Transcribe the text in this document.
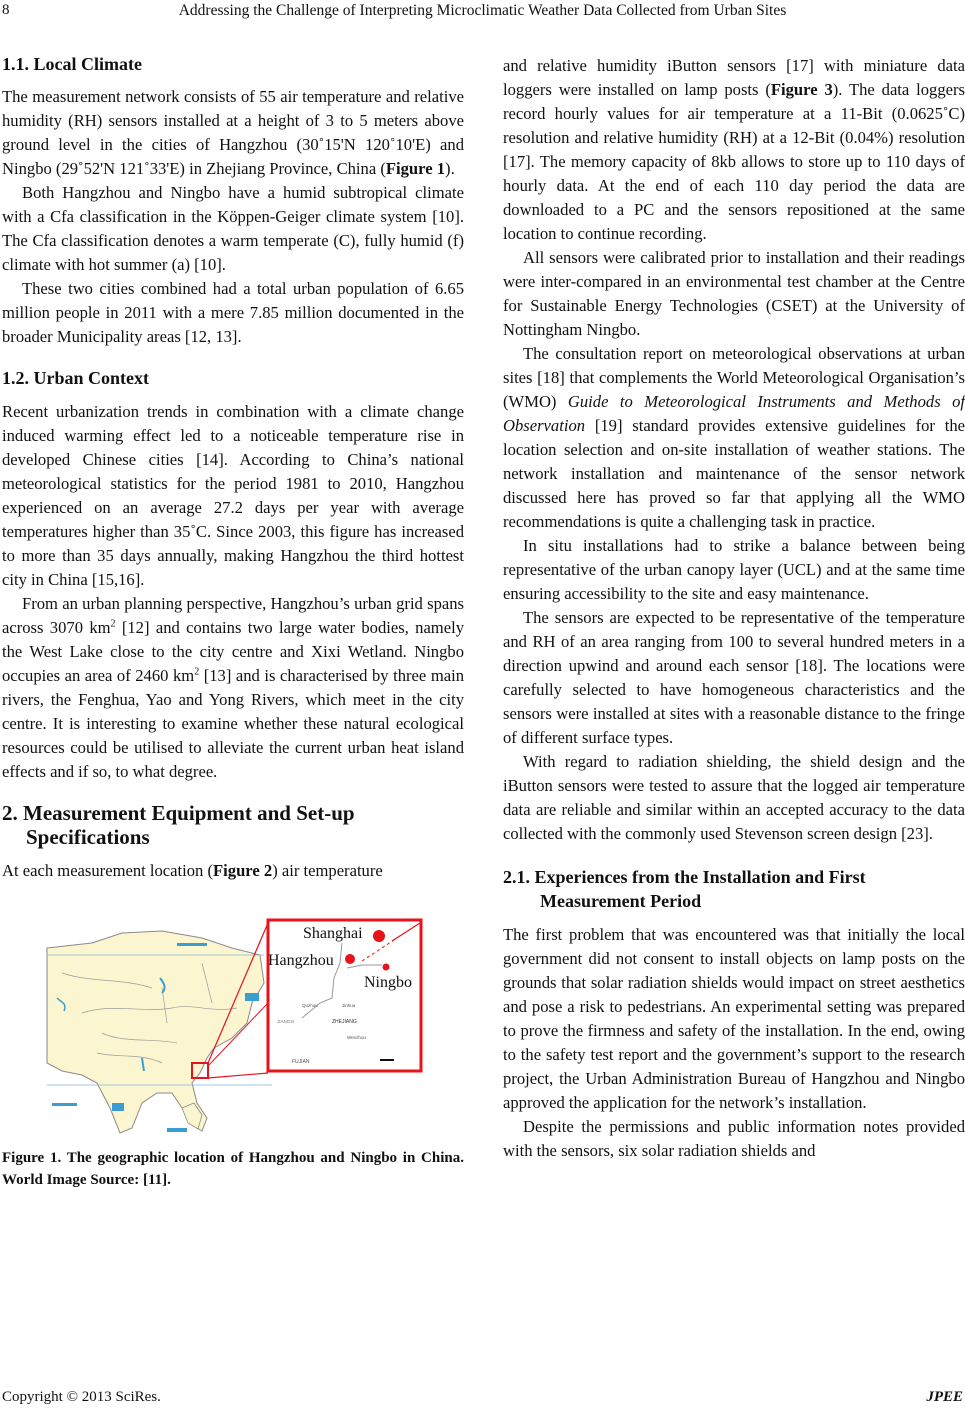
8	Addressing the Challenge of Interpreting Microclimatic Weather Data Collected from Urban Sites
1.1. Local Climate

The measurement network consists of 55 air temperature and relative humidity (RH) sensors installed at a height of 3 to 5 meters above ground level in the cities of Hangzhou (30˚15'N 120˚10'E) and Ningbo (29˚52'N 121˚33'E) in Zhejiang Province, China (Figure 1).

Both Hangzhou and Ningbo have a humid subtropical climate with a Cfa classification in the Köppen-Geiger climate system [10]. The Cfa classification denotes a warm temperate (C), fully humid (f) climate with hot summer (a) [10].

These two cities combined had a total urban population of 6.65 million people in 2011 with a mere 7.85 million documented in the broader Municipality areas [12, 13].

1.2. Urban Context

Recent urbanization trends in combination with a climate change induced warming effect led to a noticeable temperature rise in developed Chinese cities [14]. According to China’s national meteorological statistics for the period 1981 to 2010, Hangzhou experienced on an average 27.2 days per year with average temperatures higher than 35˚C. Since 2003, this figure has increased to more than 35 days annually, making Hangzhou the third hottest city in China [15,16].

From an urban planning perspective, Hangzhou’s urban grid spans across 3070 $km^2$ [12] and contains two large water bodies, namely the West Lake close to the city centre and Xixi Wetland. Ningbo occupies an area of 2460 $km^2$ [13] and is characterised by three main rivers, the Fenghua, Yao and Yong Rivers, which meet in the city centre. It is interesting to examine whether these natural ecological resources could be utilised to alleviate the current urban heat island effects and if so, to what degree.

2. Measurement Equipment and Set-up Specifications

At each measurement location (Figure 2) air temperature

Shanghai
Hangzhou
Ningbo
ZHEJIANG
FUJIAN
JIANGXI
Wenzhou
Quzhou	Jinhua
Figure 1. The geographic location of Hangzhou and Ningbo in China. World Image Source: [11].

and relative humidity iButton sensors [17] with miniature data loggers were installed on lamp posts (Figure 3). The data loggers record hourly values for air temperature at a 11-Bit (0.0625˚C) resolution and relative humidity (RH) at a 12-Bit (0.04%) resolution [17]. The memory capacity of 8kb allows to store up to 110 days of hourly data. At the end of each 110 day period the data are downloaded to a PC and the sensors repositioned at the same location to continue recording.

All sensors were calibrated prior to installation and their readings were inter-compared in an environmental test chamber at the Centre for Sustainable Energy Technologies (CSET) at the University of Nottingham Ningbo.

The consultation report on meteorological observations at urban sites [18] that complements the World Meteorological Organisation’s (WMO) Guide to Meteorological Instruments and Methods of Observation [19] standard provides extensive guidelines for the location selection and on-site installation of weather stations. The network installation and maintenance of the sensor network discussed here has proved so far that applying all the WMO recommendations is quite a challenging task in practice.

In situ installations had to strike a balance between being representative of the urban canopy layer (UCL) and at the same time ensuring accessibility to the site and easy maintenance.

The sensors are expected to be representative of the temperature and RH of an area ranging from 100 to several hundred meters in a direction upwind and around each sensor [18]. The locations were carefully selected to have homogeneous characteristics and the sensors were installed at sites with a reasonable distance to the fringe of different surface types.

With regard to radiation shielding, the shield design and the iButton sensors were tested to assure that the logged air temperature data are reliable and similar within an accepted accuracy to the data collected with the commonly used Stevenson screen design [23].

2.1. Experiences from the Installation and First Measurement Period

The first problem that was encountered was that initially the local government did not consent to install objects on lamp posts on the grounds that solar radiation shields would impact on street aesthetics and pose a risk to pedestrians. An experimental setting was prepared to prove the firmness and safety of the installation. In the end, owing to the safety test report and the government’s support to the research project, the Urban Administration Bureau of Hangzhou and Ningbo approved the application for the network’s installation.

Despite the permissions and public information notes provided with the sensors, six solar radiation shields and

Copyright © 2013 SciRes.	JPEE
